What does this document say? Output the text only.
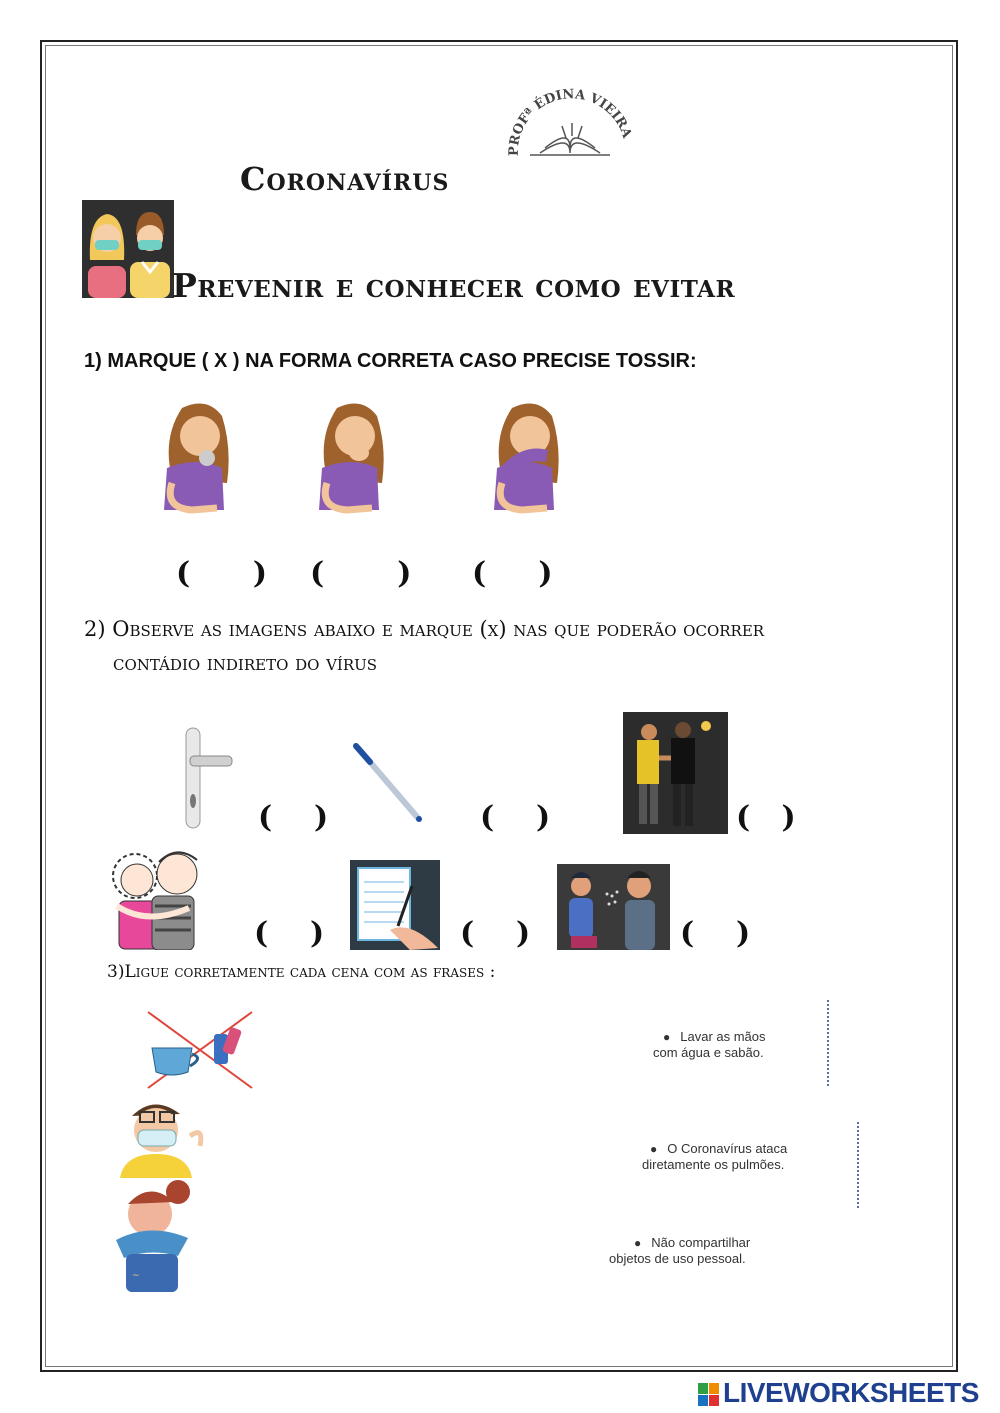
PROFª ÉDINA VIEIRA
Coronavírus
Prevenir e conhecer como evitar
1) MARQUE ( X ) NA FORMA CORRETA CASO PRECISE TOSSIR:
(      ) (       ) (     )
2) Observe as imagens abaixo e marque (x) nas que poderão ocorrer
contádio indireto do vírus
(    )	(    )	(   )
(    )	(    )	(    )
3)Ligue corretamente cada cena com as frases :
~
● Lavar as mãos
com água e sabão.
● O Coronavírus ataca
diretamente os pulmões.
● Não compartilhar
objetos de uso pessoal.
LIVEWORKSHEETS
